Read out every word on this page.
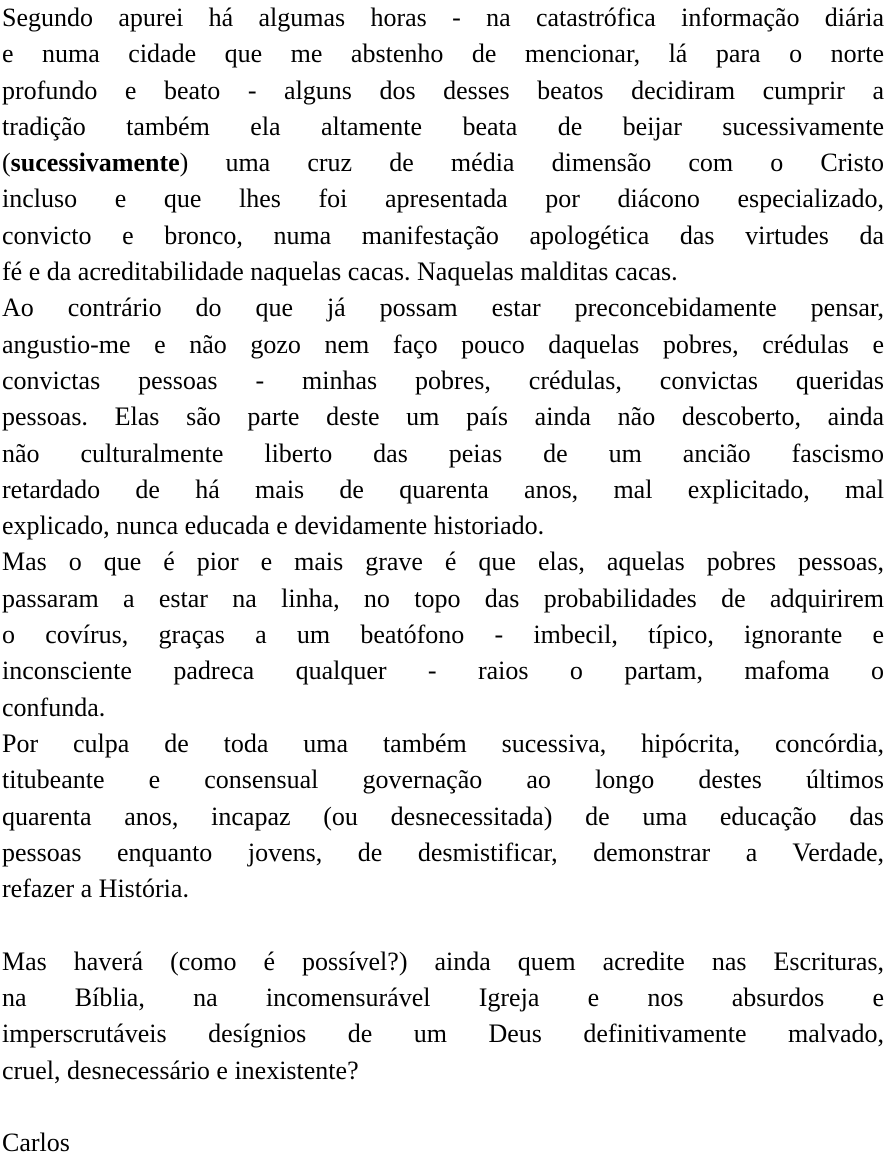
Segundo apurei há algumas horas - na catastrófica informação diária
e numa cidade que me abstenho de mencionar, lá para o norte
profundo e beato - alguns dos desses beatos decidiram cumprir a
tradição também ela altamente beata de beijar sucessivamente
(sucessivamente) uma cruz de média dimensão com o Cristo
incluso e que lhes foi apresentada por diácono especializado,
convicto e bronco, numa manifestação apologética das virtudes da
fé e da acreditabilidade naquelas cacas. Naquelas malditas cacas.
Ao contrário do que já possam estar preconcebidamente pensar,
angustio-me e não gozo nem faço pouco daquelas pobres, crédulas e
convictas pessoas - minhas pobres, crédulas, convictas queridas
pessoas. Elas são parte deste um país ainda não descoberto, ainda
não culturalmente liberto das peias de um ancião fascismo
retardado de há mais de quarenta anos, mal explicitado, mal
explicado, nunca educada e devidamente historiado.
Mas o que é pior e mais grave é que elas, aquelas pobres pessoas,
passaram a estar na linha, no topo das probabilidades de adquirirem
o covírus, graças a um beatófono - imbecil, típico, ignorante e
inconsciente padreca qualquer - raios o partam, mafoma o
confunda.
Por culpa de toda uma também sucessiva, hipócrita, concórdia,
titubeante e consensual governação ao longo destes últimos
quarenta anos, incapaz (ou desnecessitada) de uma educação das
pessoas enquanto jovens, de desmistificar, demonstrar a Verdade,
refazer a História.
Mas haverá (como é possível?) ainda quem acredite nas Escrituras,
na Bíblia, na incomensurável Igreja e nos absurdos e
imperscrutáveis desígnios de um Deus definitivamente malvado,
cruel, desnecessário e inexistente?
Carlos
